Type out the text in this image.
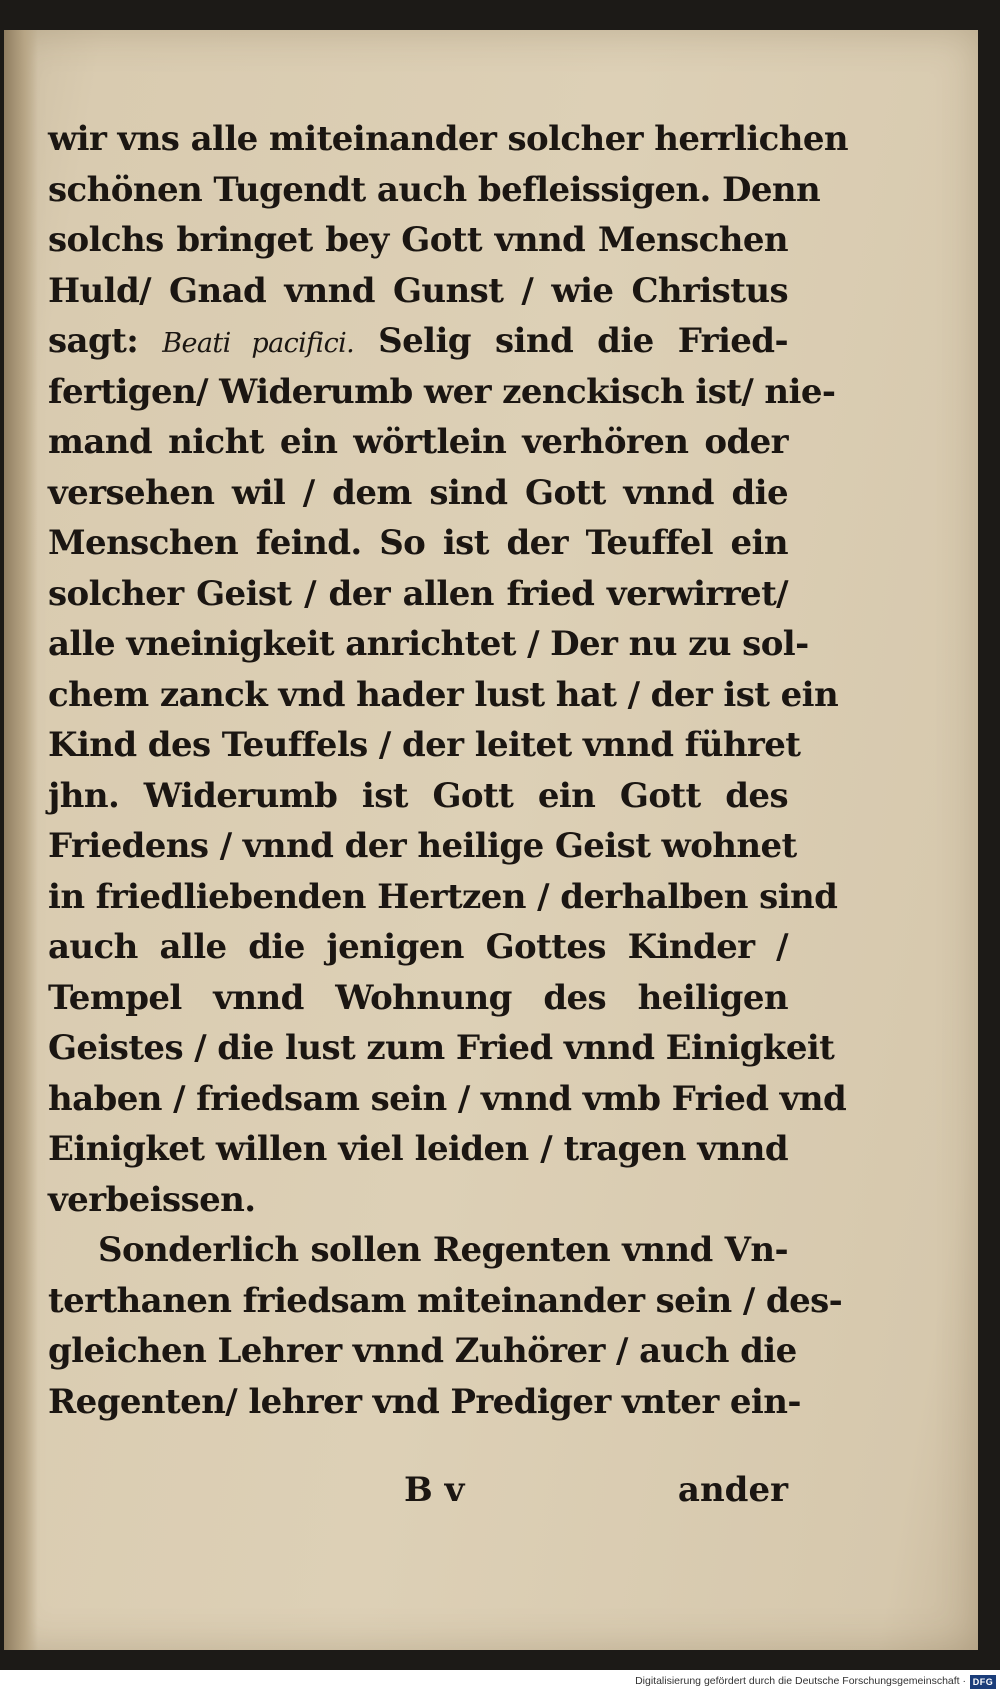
wir vns alle miteinander solcher herrlichen
schönen Tugendt auch befleissigen. Denn
solchs bringet bey Gott vnnd Menschen
Huld/ Gnad vnnd Gunst / wie Christus
sagt: Beati pacifici. Selig sind die Fried-
fertigen/ Widerumb wer zenckisch ist/ nie-
mand nicht ein wörtlein verhören oder
versehen wil / dem sind Gott vnnd die
Menschen feind. So ist der Teuffel ein
solcher Geist / der allen fried verwirret/
alle vneinigkeit anrichtet / Der nu zu sol-
chem zanck vnd hader lust hat / der ist ein
Kind des Teuffels / der leitet vnnd führet
jhn. Widerumb ist Gott ein Gott des
Friedens / vnnd der heilige Geist wohnet
in friedliebenden Hertzen / derhalben sind
auch alle die jenigen Gottes Kinder /
Tempel vnnd Wohnung des heiligen
Geistes / die lust zum Fried vnnd Einigkeit
haben / friedsam sein / vnnd vmb Fried vnd
Einigket willen viel leiden / tragen vnnd
verbeissen.
Sonderlich sollen Regenten vnnd Vn-
terthanen friedsam miteinander sein / des-
gleichen Lehrer vnnd Zuhörer / auch die
Regenten/ lehrer vnd Prediger vnter ein-
B v	ander
Digitalisierung gefördert durch die Deutsche Forschungsgemeinschaft · DFG
